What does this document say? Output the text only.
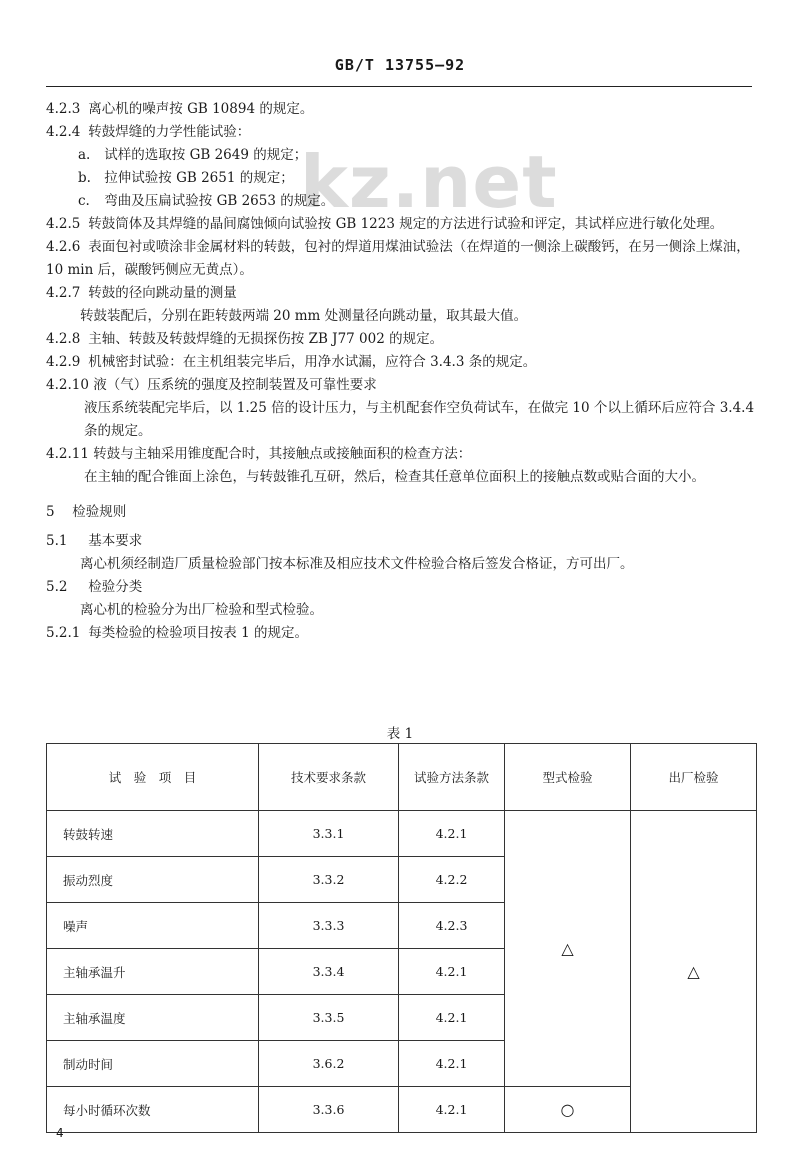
GB/T 13755—92
kz.net
4.2.3 离心机的噪声按 GB 10894 的规定。
4.2.4 转鼓焊缝的力学性能试验：
a. 试样的选取按 GB 2649 的规定；
b. 拉伸试验按 GB 2651 的规定；
c. 弯曲及压扁试验按 GB 2653 的规定。
4.2.5 转鼓筒体及其焊缝的晶间腐蚀倾向试验按 GB 1223 规定的方法进行试验和评定，其试样应进行敏化处理。
4.2.6 表面包衬或喷涂非金属材料的转鼓，包衬的焊道用煤油试验法（在焊道的一侧涂上碳酸钙，在另一侧涂上煤油，10 min 后，碳酸钙侧应无黄点）。
4.2.7 转鼓的径向跳动量的测量
转鼓装配后，分别在距转鼓两端 20 mm 处测量径向跳动量，取其最大值。
4.2.8 主轴、转鼓及转鼓焊缝的无损探伤按 ZB J77 002 的规定。
4.2.9 机械密封试验：在主机组装完毕后，用净水试漏，应符合 3.4.3 条的规定。
4.2.10 液（气）压系统的强度及控制装置及可靠性要求
液压系统装配完毕后，以 1.25 倍的设计压力，与主机配套作空负荷试车，在做完 10 个以上循环后应符合 3.4.4 条的规定。
4.2.11 转鼓与主轴采用锥度配合时，其接触点或接触面积的检查方法：
在主轴的配合锥面上涂色，与转鼓锥孔互研，然后，检查其任意单位面积上的接触点数或贴合面的大小。
5 检验规则
5.1 基本要求
离心机须经制造厂质量检验部门按本标准及相应技术文件检验合格后签发合格证，方可出厂。
5.2 检验分类
离心机的检验分为出厂检验和型式检验。
5.2.1 每类检验的检验项目按表 1 的规定。
表 1
试　验　项　目	技术要求条款	试验方法条款	型式检验	出厂检验
转鼓转速	3.3.1	4.2.1	△	△
振动烈度	3.3.2	4.2.2		
噪声	3.3.3	4.2.3		
主轴承温升	3.3.4	4.2.1		
主轴承温度	3.3.5	4.2.1		
制动时间	3.6.2	4.2.1		
每小时循环次数	3.3.6	4.2.1	○	
4
